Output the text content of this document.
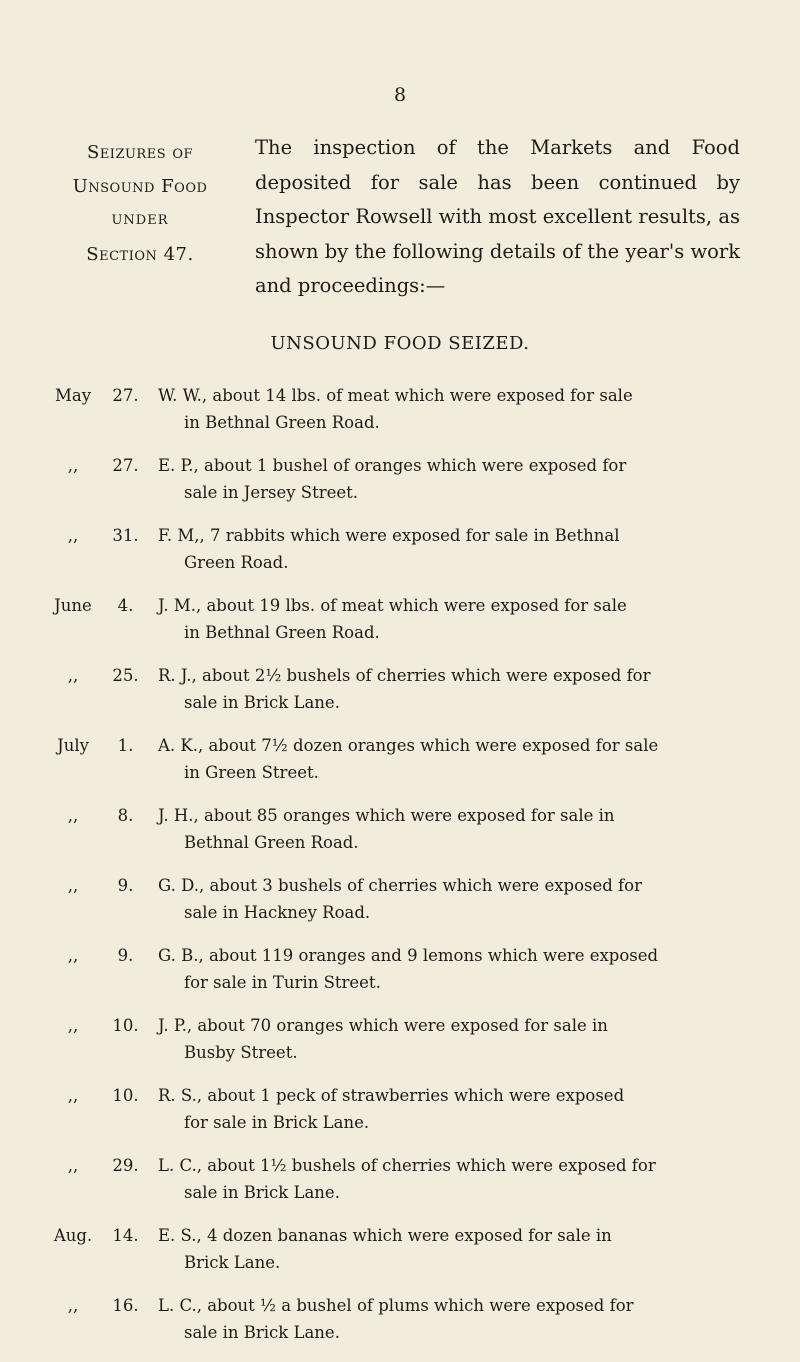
8
Seizures of
Unsound Food
UNDER
Section 47.

The inspection of the Markets and Food deposited for sale has been continued by Inspector Rowsell with most excellent results, as shown by the following details of the year's work and proceedings:—

UNSOUND FOOD SEIZED.
May	27.	W. W., about 14 lbs. of meat which were exposed for sale
in Bethnal Green Road.
,,	27.	E. P., about 1 bushel of oranges which were exposed for
sale in Jersey Street.
,,	31.	F. M,, 7 rabbits which were exposed for sale in Bethnal
Green Road.
June	4.	J. M., about 19 lbs. of meat which were exposed for sale
in Bethnal Green Road.
,,	25.	R. J., about 2½ bushels of cherries which were exposed for
sale in Brick Lane.
July	1.	A. K., about 7½ dozen oranges which were exposed for sale
in Green Street.
,,	8.	J. H., about 85 oranges which were exposed for sale in
Bethnal Green Road.
,,	9.	G. D., about 3 bushels of cherries which were exposed for
sale in Hackney Road.
,,	9.	G. B., about 119 oranges and 9 lemons which were exposed
for sale in Turin Street.
,,	10.	J. P., about 70 oranges which were exposed for sale in
Busby Street.
,,	10.	R. S., about 1 peck of strawberries which were exposed
for sale in Brick Lane.
,,	29.	L. C., about 1½ bushels of cherries which were exposed for
sale in Brick Lane.
Aug.	14.	E. S., 4 dozen bananas which were exposed for sale in
Brick Lane.
,,	16.	L. C., about ½ a bushel of plums which were exposed for
sale in Brick Lane.
